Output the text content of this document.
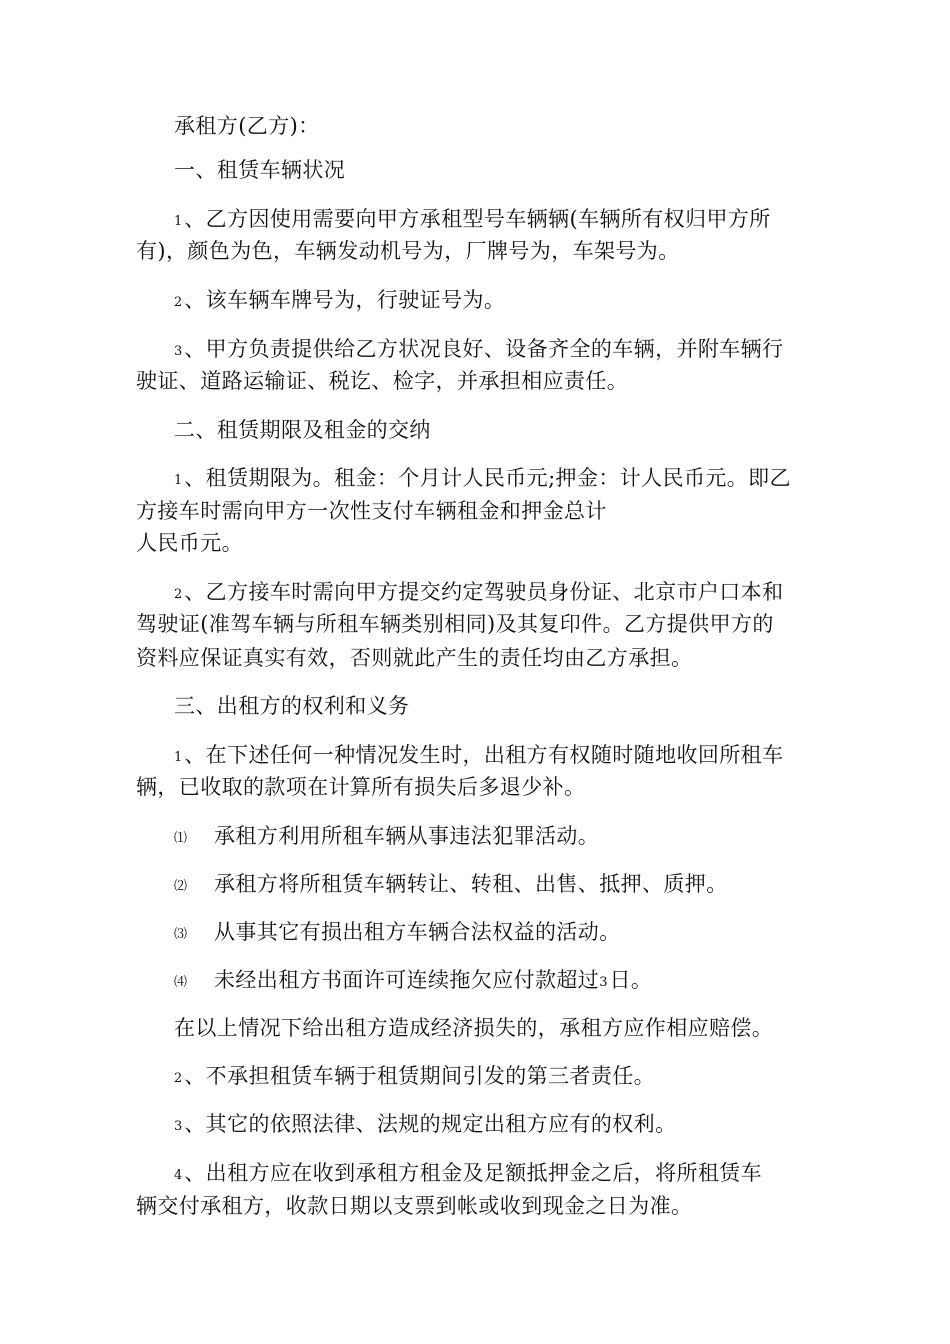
承租方(乙方)：
一、租赁车辆状况
1、乙方因使用需要向甲方承租型号车辆辆(车辆所有权归甲方所
有)，颜色为色，车辆发动机号为，厂牌号为，车架号为。
2、该车辆车牌号为，行驶证号为。
3、甲方负责提供给乙方状况良好、设备齐全的车辆，并附车辆行
驶证、道路运输证、税讫、检字，并承担相应责任。
二、租赁期限及租金的交纳
1、租赁期限为。租金：个月计人民币元;押金：计人民币元。即乙
方接车时需向甲方一次性支付车辆租金和押金总计
人民币元。
2、乙方接车时需向甲方提交约定驾驶员身份证、北京市户口本和
驾驶证(准驾车辆与所租车辆类别相同)及其复印件。乙方提供甲方的
资料应保证真实有效，否则就此产生的责任均由乙方承担。
三、出租方的权利和义务
1、在下述任何一种情况发生时，出租方有权随时随地收回所租车
辆，已收取的款项在计算所有损失后多退少补。
⑴ 承租方利用所租车辆从事违法犯罪活动。
⑵ 承租方将所租赁车辆转让、转租、出售、抵押、质押。
⑶ 从事其它有损出租方车辆合法权益的活动。
⑷ 未经出租方书面许可连续拖欠应付款超过3日。
在以上情况下给出租方造成经济损失的，承租方应作相应赔偿。
2、不承担租赁车辆于租赁期间引发的第三者责任。
3、其它的依照法律、法规的规定出租方应有的权利。
4、出租方应在收到承租方租金及足额抵押金之后，将所租赁车
辆交付承租方，收款日期以支票到帐或收到现金之日为准。
